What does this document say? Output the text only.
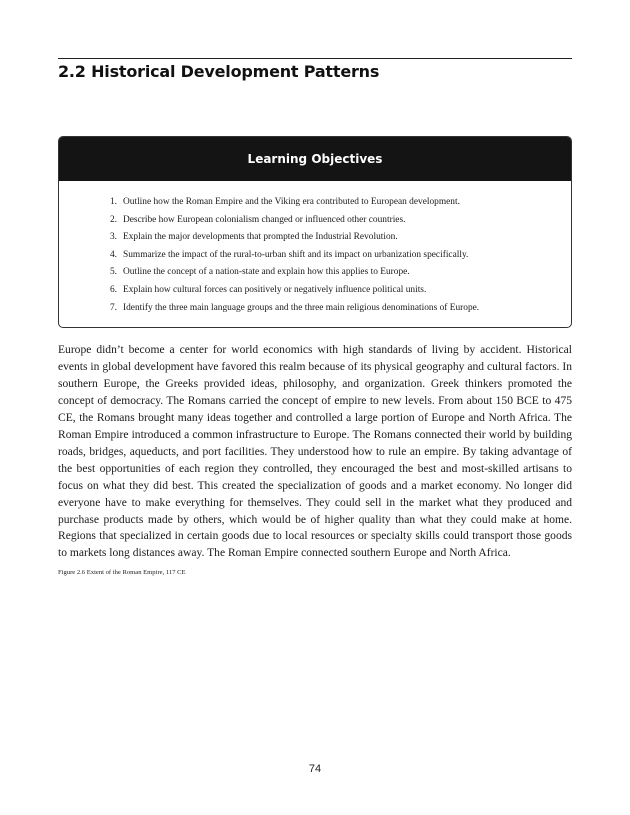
2.2 Historical Development Patterns
Learning Objectives
1. Outline how the Roman Empire and the Viking era contributed to European development.
2. Describe how European colonialism changed or influenced other countries.
3. Explain the major developments that prompted the Industrial Revolution.
4. Summarize the impact of the rural-to-urban shift and its impact on urbanization specifically.
5. Outline the concept of a nation-state and explain how this applies to Europe.
6. Explain how cultural forces can positively or negatively influence political units.
7. Identify the three main language groups and the three main religious denominations of Europe.

Europe didn’t become a center for world economics with high standards of living by accident. Historical events in global development have favored this realm because of its physical geography and cultural factors. In southern Europe, the Greeks provided ideas, philosophy, and organization. Greek thinkers promoted the concept of democracy. The Romans carried the concept of empire to new levels. From about 150 BCE to 475 CE, the Romans brought many ideas together and controlled a large portion of Europe and North Africa. The Roman Empire introduced a common infrastructure to Europe. The Romans connected their world by building roads, bridges, aqueducts, and port facilities. They understood how to rule an empire. By taking advantage of the best opportunities of each region they controlled, they encouraged the best and most-skilled artisans to focus on what they did best. This created the specialization of goods and a market economy. No longer did everyone have to make everything for themselves. They could sell in the market what they produced and purchase products made by others, which would be of higher quality than what they could make at home. Regions that specialized in certain goods due to local resources or specialty skills could transport those goods to markets long distances away. The Roman Empire connected southern Europe and North Africa.

Figure 2.6 Extent of the Roman Empire, 117 CE

74
